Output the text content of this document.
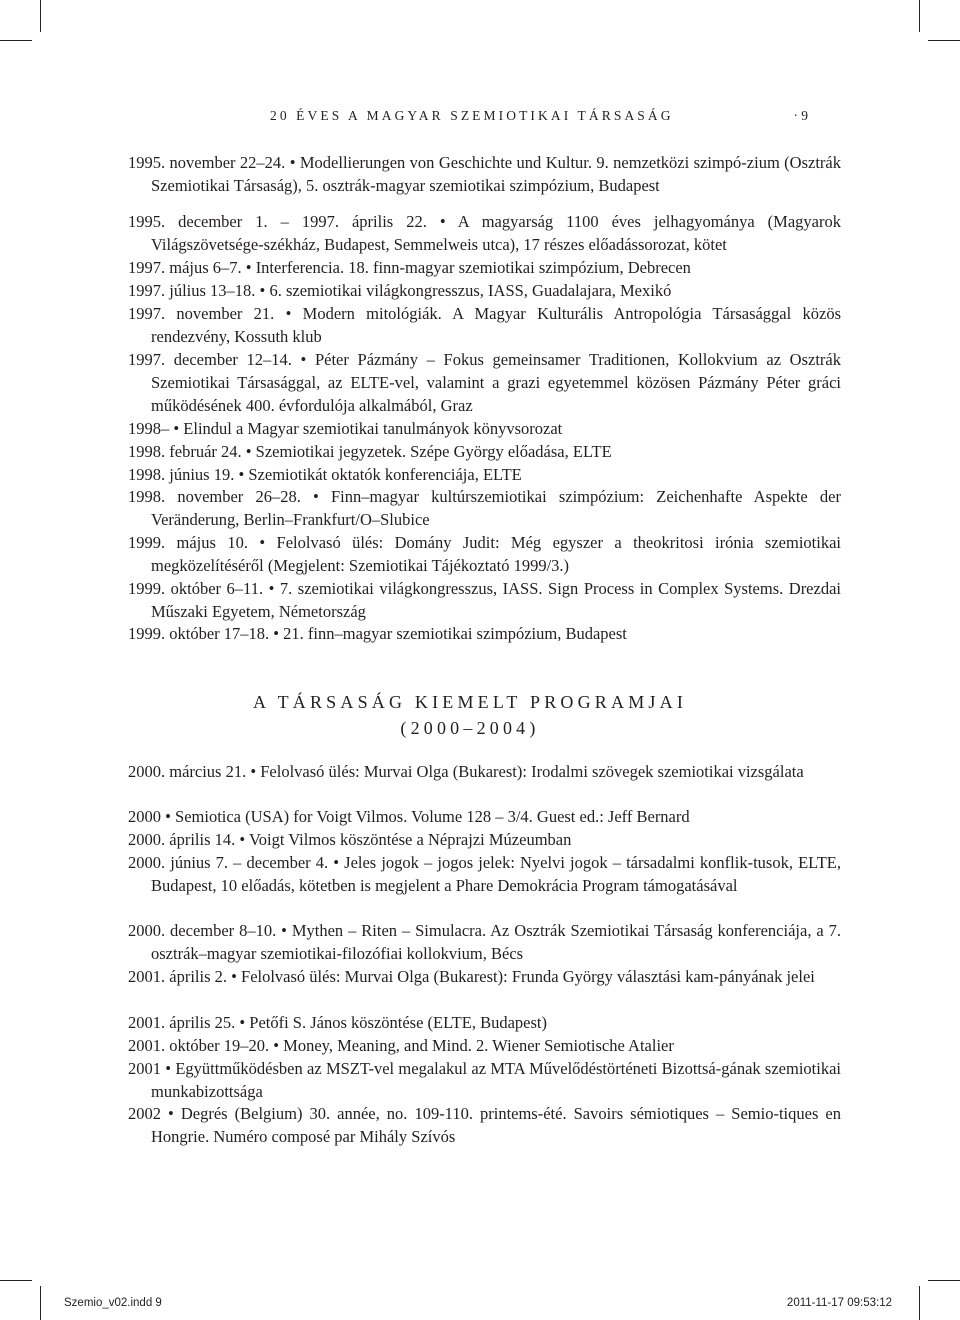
20 ÉVES A MAGYAR SZEMIOTIKAI TÁRSASÁG	· 9
1995. november 22–24. • Modellierungen von Geschichte und Kultur. 9. nemzetközi szimpó-zium (Osztrák Szemiotikai Társaság), 5. osztrák-magyar szemiotikai szimpózium, Budapest
1995. december 1. – 1997. április 22. • A magyarság 1100 éves jelhagyománya (Magyarok Világszövetsége-székház, Budapest, Semmelweis utca), 17 részes előadássorozat, kötet
1997. május 6–7. • Interferencia. 18. finn-magyar szemiotikai szimpózium, Debrecen
1997. július 13–18. • 6. szemiotikai világkongresszus, IASS, Guadalajara, Mexikó
1997. november 21. • Modern mitológiák. A Magyar Kulturális Antropológia Társasággal közös rendezvény, Kossuth klub
1997. december 12–14. • Péter Pázmány – Fokus gemeinsamer Traditionen, Kollokvium az Osztrák Szemiotikai Társasággal, az ELTE-vel, valamint a grazi egyetemmel közösen Pázmány Péter gráci működésének 400. évfordulója alkalmából, Graz
1998– • Elindul a Magyar szemiotikai tanulmányok könyvsorozat
1998. február 24. • Szemiotikai jegyzetek. Szépe György előadása, ELTE
1998. június 19. • Szemiotikát oktatók konferenciája, ELTE
1998. november 26–28. • Finn–magyar kultúrszemiotikai szimpózium: Zeichenhafte Aspekte der Veränderung, Berlin–Frankfurt/O–Slubice
1999. május 10. • Felolvasó ülés: Domány Judit: Még egyszer a theokritosi irónia szemiotikai megközelítéséről (Megjelent: Szemiotikai Tájékoztató 1999/3.)
1999. október 6–11. • 7. szemiotikai világkongresszus, IASS. Sign Process in Complex Systems. Drezdai Műszaki Egyetem, Németország
1999. október 17–18. • 21. finn–magyar szemiotikai szimpózium, Budapest
A TÁRSASÁG KIEMELT PROGRAMJAI
(2000–2004)
2000. március 21. • Felolvasó ülés: Murvai Olga (Bukarest): Irodalmi szövegek szemiotikai vizsgálata
2000 • Semiotica (USA) for Voigt Vilmos. Volume 128 – 3/4. Guest ed.: Jeff Bernard
2000. április 14. • Voigt Vilmos köszöntése a Néprajzi Múzeumban
2000. június 7. – december 4. • Jeles jogok – jogos jelek: Nyelvi jogok – társadalmi konflik-tusok, ELTE, Budapest, 10 előadás, kötetben is megjelent a Phare Demokrácia Program támogatásával
2000. december 8–10. • Mythen – Riten – Simulacra. Az Osztrák Szemiotikai Társaság konferenciája, a 7. osztrák–magyar szemiotikai-filozófiai kollokvium, Bécs
2001. április 2. • Felolvasó ülés: Murvai Olga (Bukarest): Frunda György választási kam-pányának jelei
2001. április 25. • Petőfi S. János köszöntése (ELTE, Budapest)
2001. október 19–20. • Money, Meaning, and Mind. 2. Wiener Semiotische Atalier
2001 • Együttműködésben az MSZT-vel megalakul az MTA Művelődéstörténeti Bizottsá-gának szemiotikai munkabizottsága
2002 • Degrés (Belgium) 30. année, no. 109-110. printems-été. Savoirs sémiotiques – Semio-tiques en Hongrie. Numéro composé par Mihály Szívós
Szemio_v02.indd 9	2011-11-17 09:53:12
